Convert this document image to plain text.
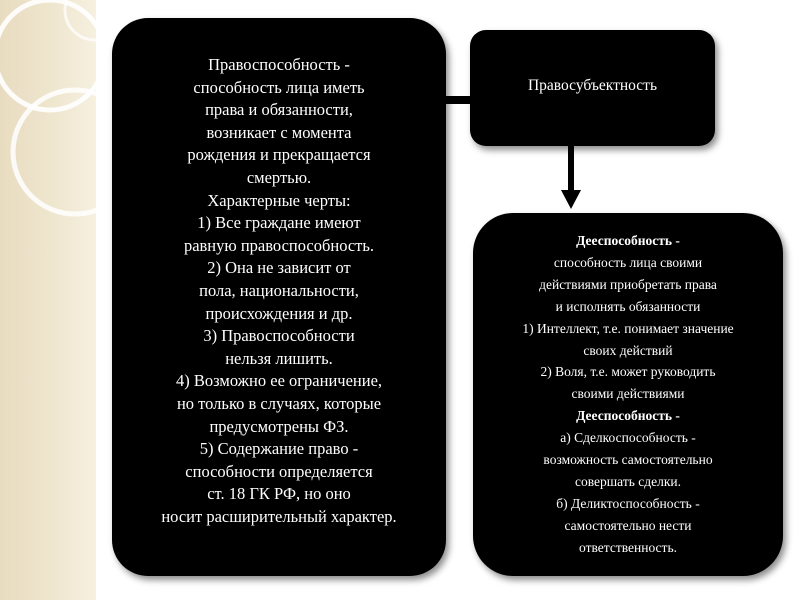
Правоспособность -
способность лица иметь
права и обязанности,
возникает с момента
рождения и прекращается
смертью.
Характерные черты:
1) Все граждане имеют
равную правоспособность.
2) Она не зависит от
пола, национальности,
происхождения и др.
3) Правоспособности
нельзя лишить.
4) Возможно ее ограничение,
но только в случаях, которые
предусмотрены ФЗ.
5) Содержание право -
способности определяется
ст. 18 ГК РФ, но оно
носит расширительный характер.
Правосубъектность
Дееспособность -
способность лица своими
действиями приобретать права
и исполнять обязанности
1) Интеллект, т.е. понимает значение
своих действий
2) Воля, т.е. может руководить
своими действиями
Дееспособность -
а) Сделкоспособность -
возможность самостоятельно
совершать сделки.
б) Деликтоспособность -
самостоятельно нести
ответственность.
